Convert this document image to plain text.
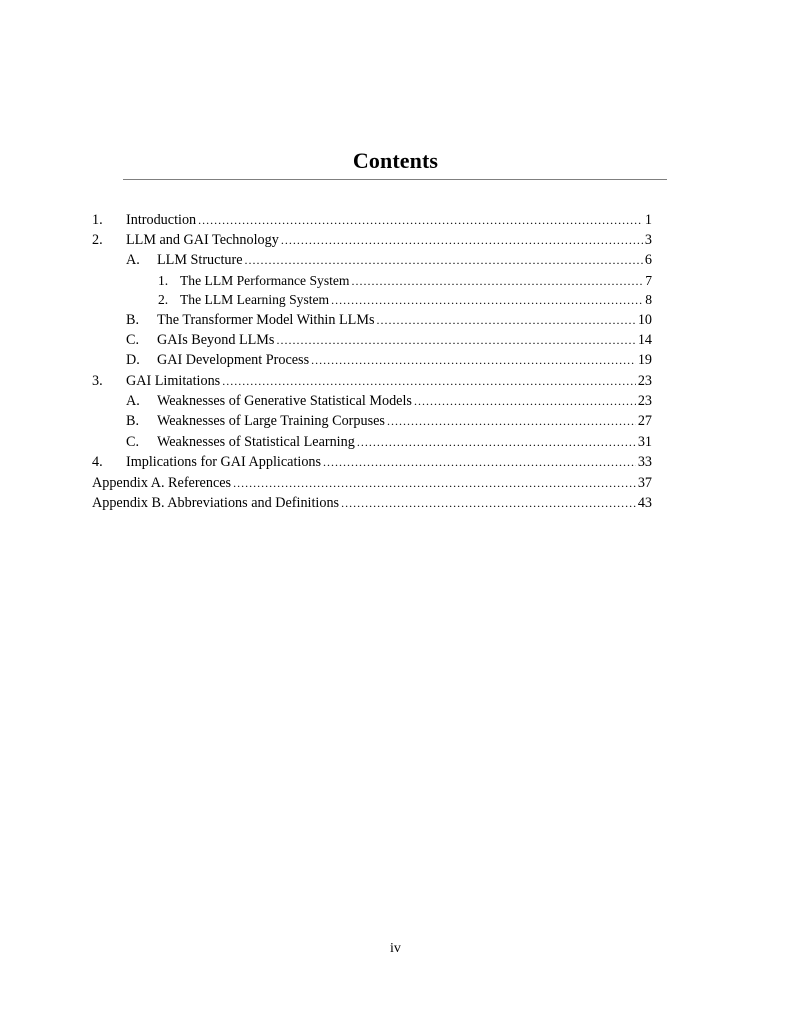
Contents
1.	Introduction .....	1
2.	LLM and GAI Technology .....	3
A.	LLM Structure .....	6
1. The LLM Performance System .....	7
2. The LLM Learning System .....	8
B.	The Transformer Model Within LLMs .....	10
C.	GAIs Beyond LLMs .....	14
D.	GAI Development Process .....	19
3.	GAI Limitations .....	23
A.	Weaknesses of Generative Statistical Models .....	23
B.	Weaknesses of Large Training Corpuses .....	27
C.	Weaknesses of Statistical Learning .....	31
4.	Implications for GAI Applications .....	33
Appendix A. References .....	37
Appendix B. Abbreviations and Definitions .....	43
iv
